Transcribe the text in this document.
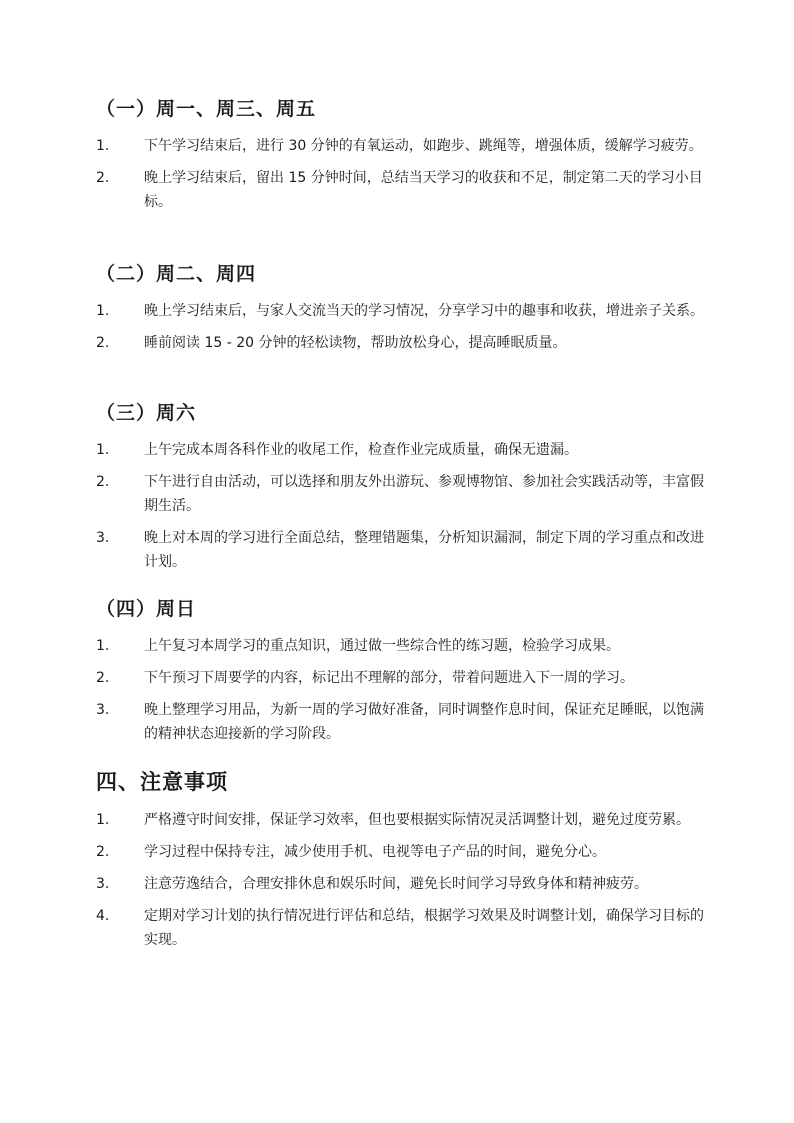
（一）周一、周三、周五
1.	下午学习结束后，进行 30 分钟的有氧运动，如跑步、跳绳等，增强体质，缓解学习疲劳。
2.	晚上学习结束后，留出 15 分钟时间，总结当天学习的收获和不足，制定第二天的学习小目标。
（二）周二、周四
1.	晚上学习结束后，与家人交流当天的学习情况，分享学习中的趣事和收获，增进亲子关系。
2.	睡前阅读 15 - 20 分钟的轻松读物，帮助放松身心，提高睡眠质量。
（三）周六
1.	上午完成本周各科作业的收尾工作，检查作业完成质量，确保无遗漏。
2.	下午进行自由活动，可以选择和朋友外出游玩、参观博物馆、参加社会实践活动等，丰富假期生活。
3.	晚上对本周的学习进行全面总结，整理错题集，分析知识漏洞，制定下周的学习重点和改进计划。
（四）周日
1.	上午复习本周学习的重点知识，通过做一些综合性的练习题，检验学习成果。
2.	下午预习下周要学的内容，标记出不理解的部分，带着问题进入下一周的学习。
3.	晚上整理学习用品，为新一周的学习做好准备，同时调整作息时间，保证充足睡眠，以饱满的精神状态迎接新的学习阶段。
四、注意事项
1.	严格遵守时间安排，保证学习效率，但也要根据实际情况灵活调整计划，避免过度劳累。
2.	学习过程中保持专注，减少使用手机、电视等电子产品的时间，避免分心。
3.	注意劳逸结合，合理安排休息和娱乐时间，避免长时间学习导致身体和精神疲劳。
4.	定期对学习计划的执行情况进行评估和总结，根据学习效果及时调整计划，确保学习目标的实现。
